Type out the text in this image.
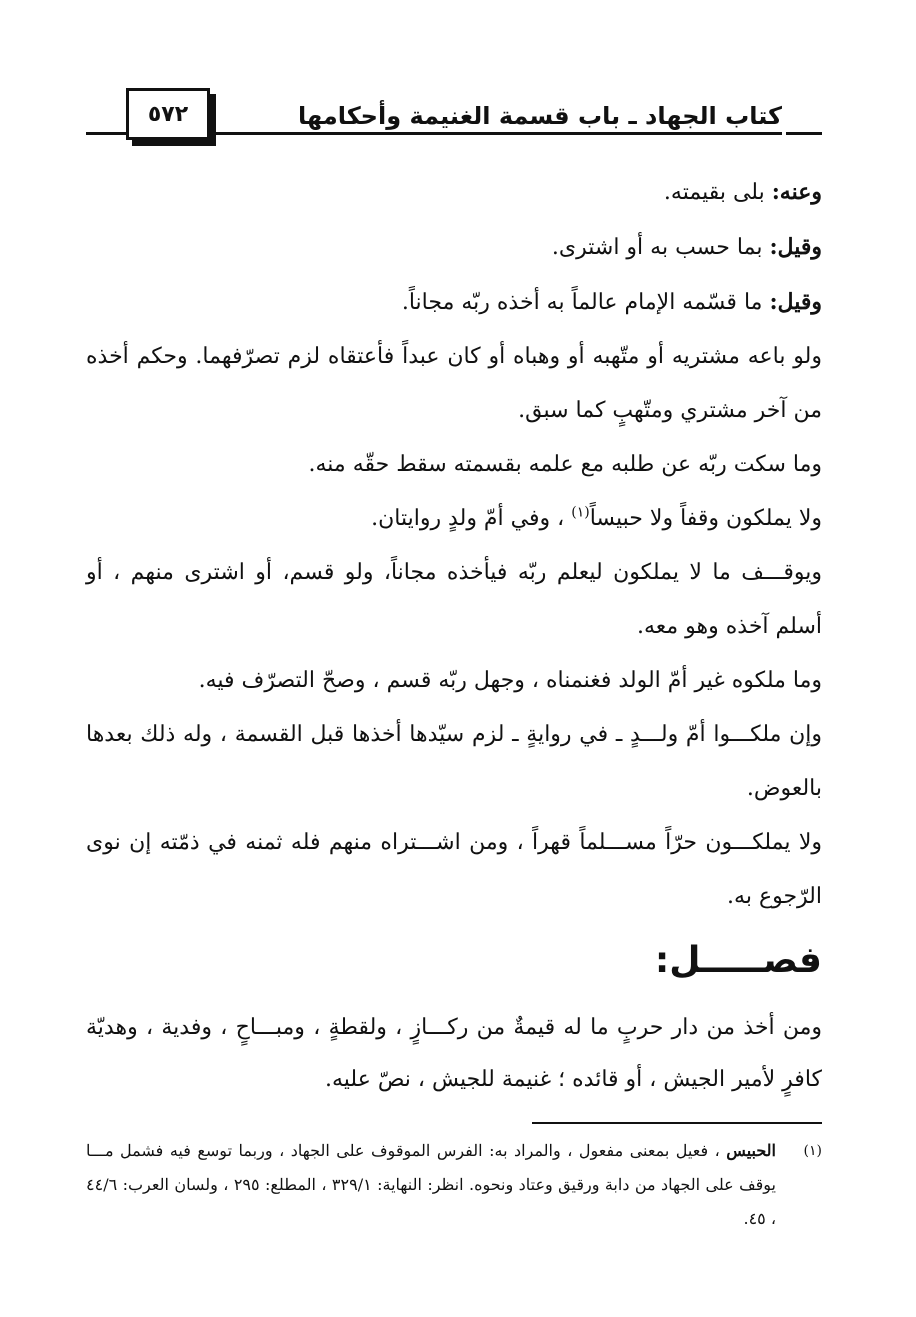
٥٧٢	كتاب الجهاد ـ باب قسمة الغنيمة وأحكامها

وعنه: بلى بقيمته.

وقيل: بما حسب به أو اشترى.

وقيل: ما قسّمه الإمام عالماً به أخذه ربّه مجاناً.

ولو باعه مشتريه أو متّهبه أو وهباه أو كان عبداً فأعتقاه لزم تصرّفهما. وحكم أخذه من آخر مشتري ومتّهبٍ كما سبق.

وما سكت ربّه عن طلبه مع علمه بقسمته سقط حقّه منه.

ولا يملكون وقفاً ولا حبيساً$^{(١)}$ ، وفي أمّ ولدٍ روايتان.

ويوقـــف ما لا يملكون ليعلم ربّه فيأخذه مجاناً، ولو قسم، أو اشترى منهم ، أو أسلم آخذه وهو معه.

وما ملكوه غير أمّ الولد فغنمناه ، وجهل ربّه قسم ، وصحّ التصرّف فيه.

وإن ملكـــوا أمّ ولـــدٍ ـ في روايةٍ ـ لزم سيّدها أخذها قبل القسمة ، وله ذلك بعدها بالعوض.

ولا يملكـــون حرّاً مســـلماً قهراً ، ومن اشـــتراه منهم فله ثمنه في ذمّته إن نوى الرّجوع به.

فصـــــل:

ومن أخذ من دار حربٍ ما له قيمةٌ من ركـــازٍ ، ولقطةٍ ، ومبـــاحٍ ، وفدية ، وهديّة كافرٍ لأمير الجيش ، أو قائده ؛ غنيمة للجيش ، نصّ عليه.

(١)
الحبيس ، فعيل بمعنى مفعول ، والمراد به: الفرس الموقوف على الجهاد ، وربما توسع فيه فشمل مـــا يوقف على الجهاد من دابة ورقيق وعتاد ونحوه. انظر: النهاية: ٣٢٩/١ ، المطلع: ٢٩٥ ، ولسان العرب: ٤٤/٦ ، ٤٥.
